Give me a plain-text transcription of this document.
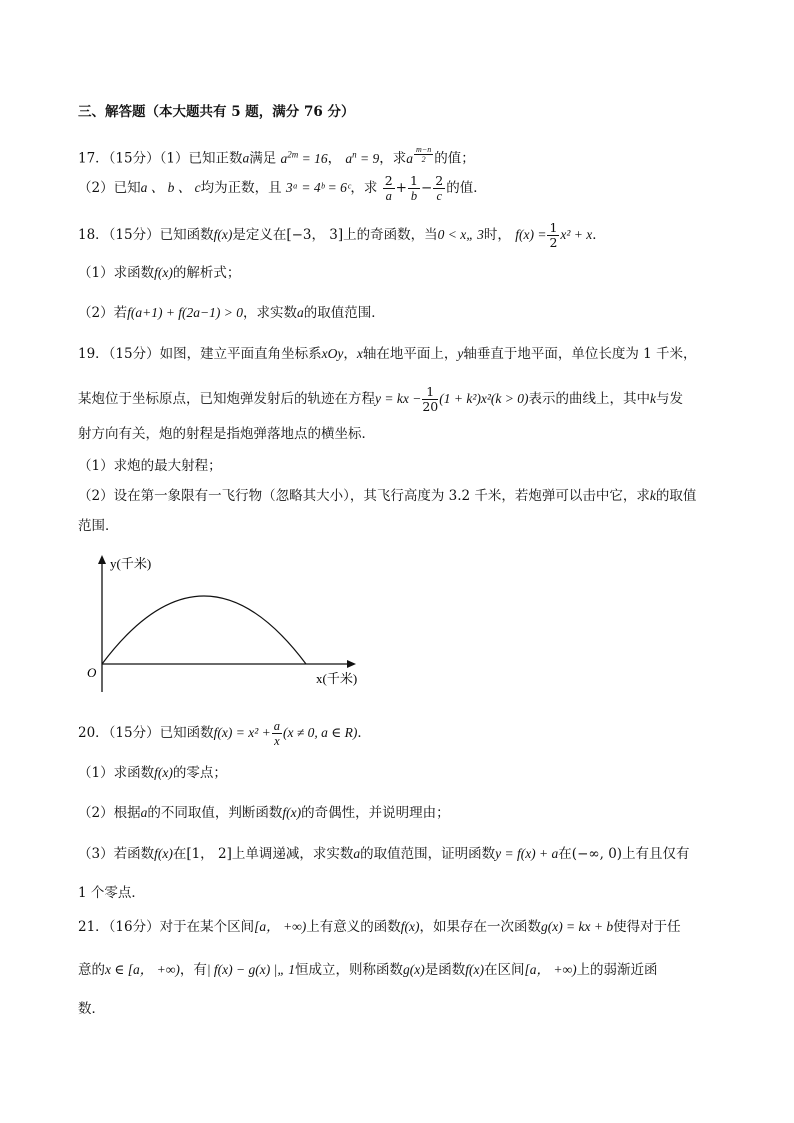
三、解答题（本大题共有 5 题，满分 76 分）
17．（15分）（1）已知正数a满足 $a^{2m} = 16$， $a^n = 9$，求a $^{\frac{m-n}{2}}$ 的值；
（2）已知a 、 b 、 c均为正数，且 3ᵃ = 4ᵇ = 6ᶜ，求 $\frac{2}{a} + \frac{1}{b} - \frac{2}{c}$ 的值．
18．（15分）已知函数f(x)是定义在[−3， 3]上的奇函数，当0 < x„ 3时， $f(x) = \frac{1}{2} x^2 + x$．
（1）求函数f(x)的解析式；
（2）若f(a+1) + f(2a−1) > 0，求实数a的取值范围．
19．（15分）如图，建立平面直角坐标系xOy，x轴在地平面上，y轴垂直于地平面，单位长度为 1 千米，
某炮位于坐标原点，已知炮弹发射后的轨迹在方程y = kx − $\frac{1}{20} (1 + k^2)x^2(k > 0)$表示的曲线上，其中k与发
射方向有关，炮的射程是指炮弹落地点的横坐标．
（1）求炮的最大射程；
（2）设在第一象限有一飞行物（忽略其大小），其飞行高度为 3.2 千米，若炮弹可以击中它，求k的取值
范围．
y(千米)
x(千米)
O
20．（15分）已知函数$f(x) = x^2 + \frac{a}{x} (x \ne 0$, a ∈ R)．
（1）求函数f(x)的零点；
（2）根据a的不同取值，判断函数f(x)的奇偶性，并说明理由；
（3）若函数f(x)在[1， 2]上单调递减，求实数a的取值范围，证明函数y = f(x) + a在(−∞, 0)上有且仅有
1 个零点．
21．（16分）对于在某个区间[a， +∞)上有意义的函数f(x)，如果存在一次函数g(x) = kx + b使得对于任
意的x ∈ [a， +∞)，有| f(x) − g(x) |„ 1恒成立，则称函数g(x)是函数f(x)在区间[a， +∞)上的弱渐近函
数．
